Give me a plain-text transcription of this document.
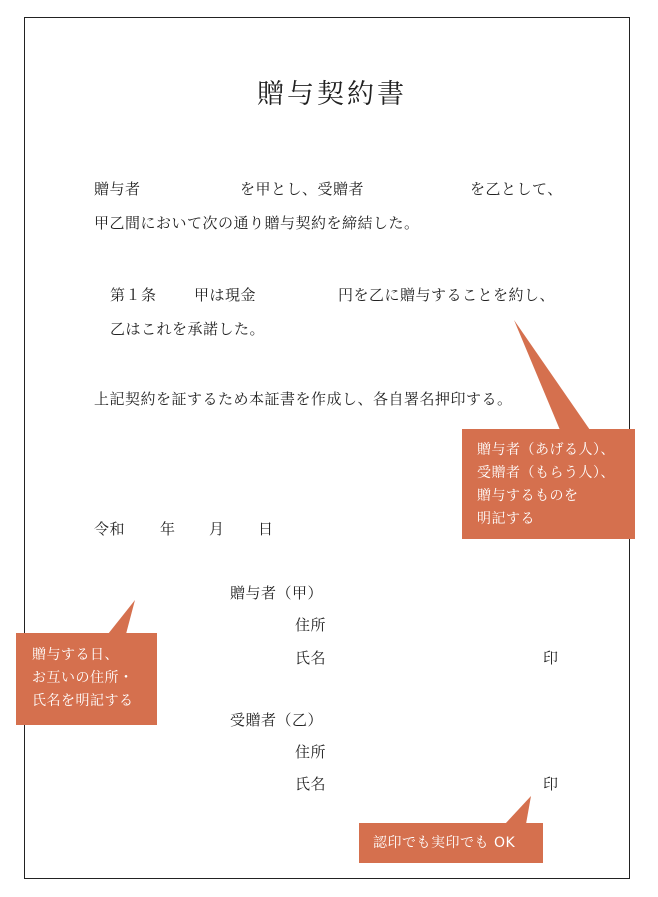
贈与契約書
贈与者	を甲とし、受贈者	を乙として、
甲乙間において次の通り贈与契約を締結した。
第１条 甲は現金	円を乙に贈与することを約し、
乙はこれを承諾した。
上記契約を証するため本証書を作成し、各自署名押印する。
令和 年 月 日
贈与者（甲）
住所
氏名	印
受贈者（乙）
住所
氏名	印
贈与者（あげる人）、
受贈者（もらう人）、
贈与するものを
明記する
贈与する日、
お互いの住所・
氏名を明記する
認印でも実印でも OK
